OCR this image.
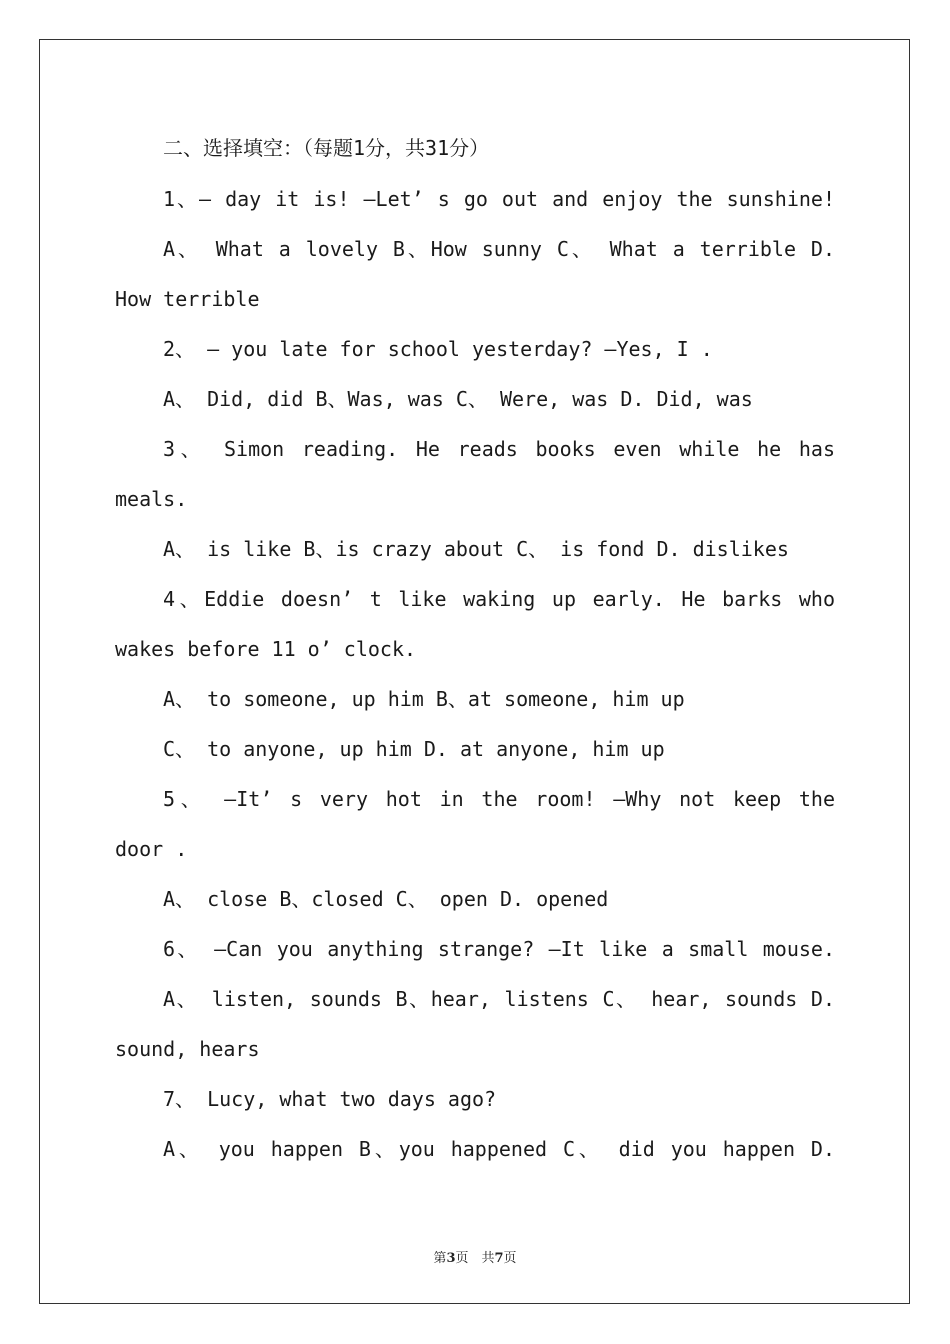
二、选择填空：（每题1分，共31分）
1、— day it is! —Let’ s go out and enjoy the sunshine!
A、 What a lovely B、How sunny C、 What a terrible D.
How terrible
2、 — you late for school yesterday? —Yes, I .
A、 Did, did B、Was, was C、 Were, was D. Did, was
3、 Simon reading. He reads books even while he has
meals.
A、 is like B、is crazy about C、 is fond D. dislikes
4、Eddie doesn’ t like waking up early. He barks who
wakes before 11 o’ clock.
A、 to someone, up him B、at someone, him up
C、 to anyone, up him D. at anyone, him up
5、 —It’ s very hot in the room! —Why not keep the
door .
A、 close B、closed C、 open D. opened
6、 —Can you anything strange? —It like a small mouse.
A、 listen, sounds B、hear, listens C、 hear, sounds D.
sound, hears
7、 Lucy, what two days ago?
A、 you happen B、you happened C、 did you happen D.
第3页　共7页
